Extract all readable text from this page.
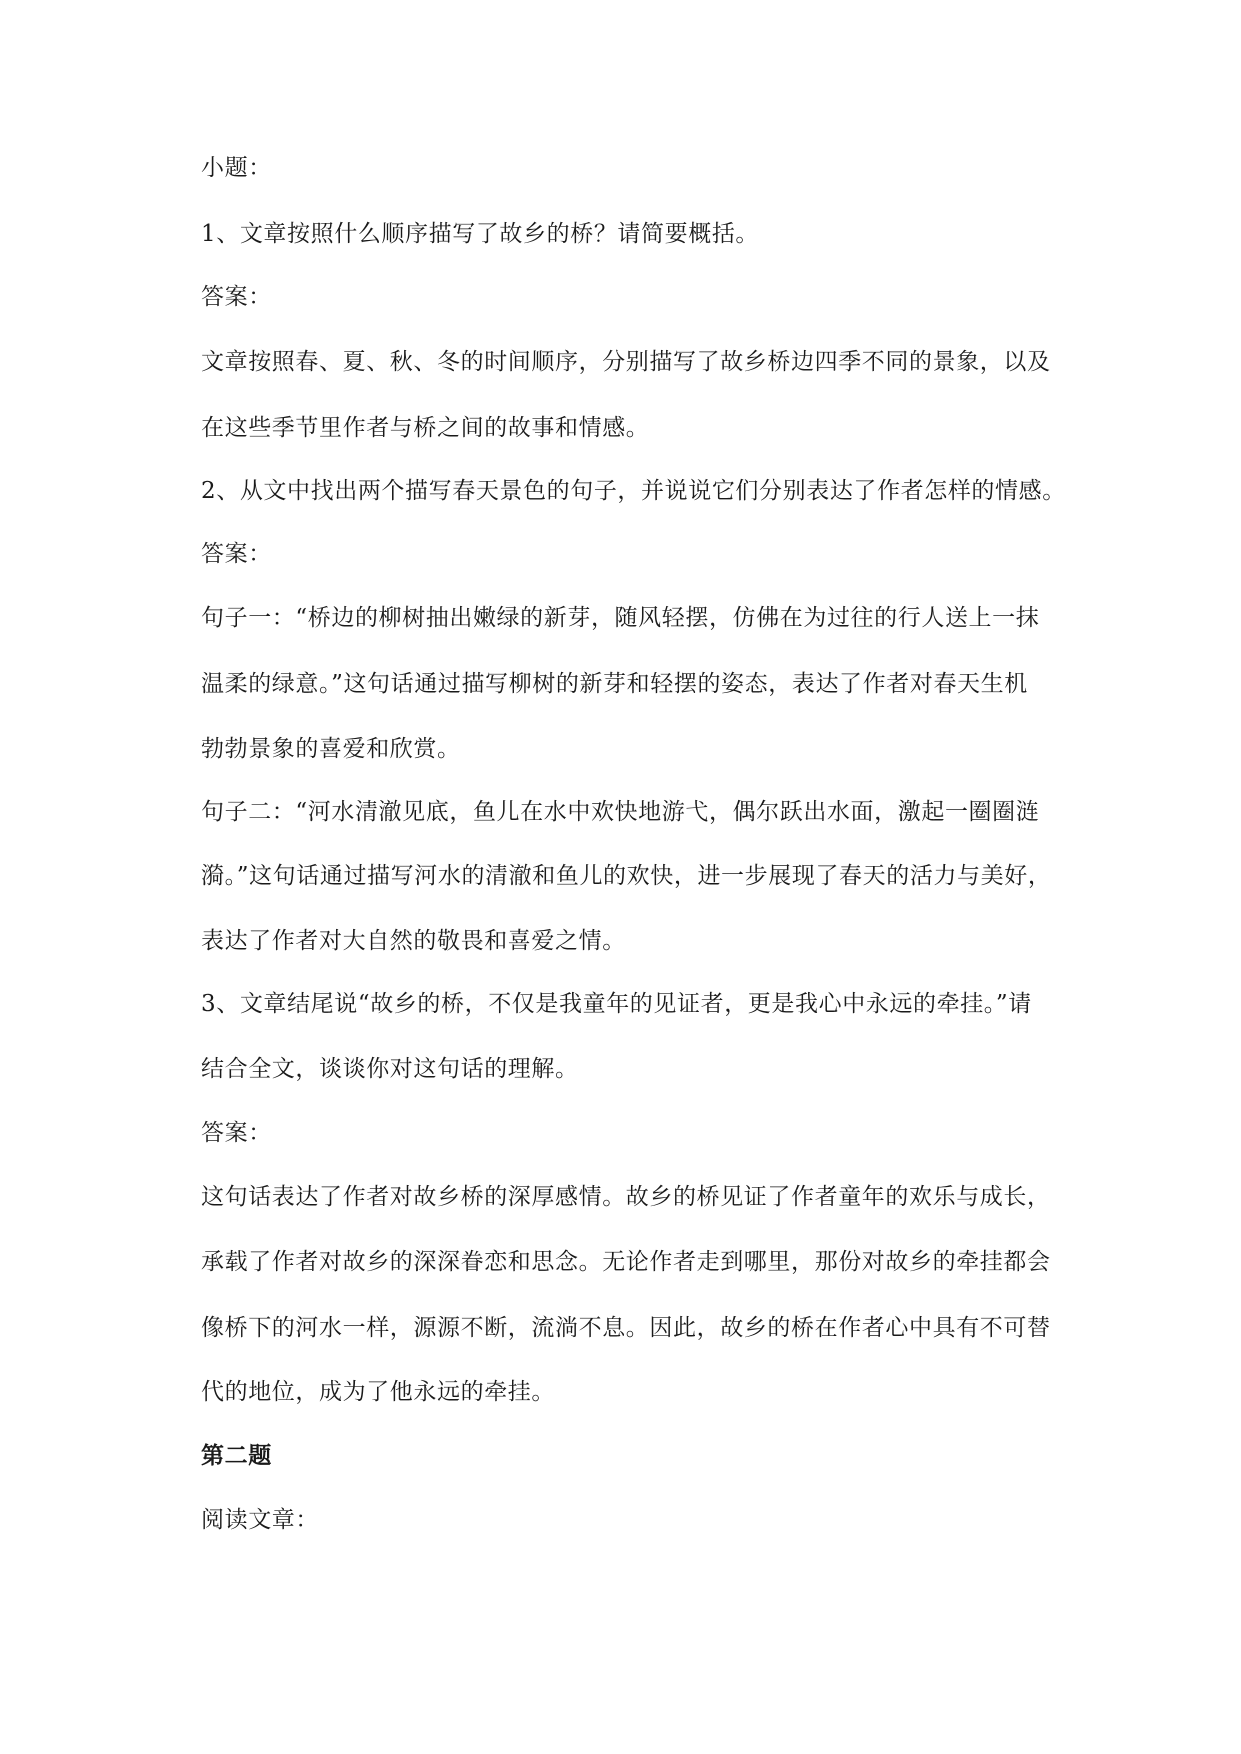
小题：
1、文章按照什么顺序描写了故乡的桥？请简要概括。
答案：
文章按照春、夏、秋、冬的时间顺序，分别描写了故乡桥边四季不同的景象，以及
在这些季节里作者与桥之间的故事和情感。
2、从文中找出两个描写春天景色的句子，并说说它们分别表达了作者怎样的情感。
答案：
句子一：“桥边的柳树抽出嫩绿的新芽，随风轻摆，仿佛在为过往的行人送上一抹
温柔的绿意。”这句话通过描写柳树的新芽和轻摆的姿态，表达了作者对春天生机
勃勃景象的喜爱和欣赏。
句子二：“河水清澈见底，鱼儿在水中欢快地游弋，偶尔跃出水面，激起一圈圈涟
漪。”这句话通过描写河水的清澈和鱼儿的欢快，进一步展现了春天的活力与美好，
表达了作者对大自然的敬畏和喜爱之情。
3、文章结尾说“故乡的桥，不仅是我童年的见证者，更是我心中永远的牵挂。”请
结合全文，谈谈你对这句话的理解。
答案：
这句话表达了作者对故乡桥的深厚感情。故乡的桥见证了作者童年的欢乐与成长，
承载了作者对故乡的深深眷恋和思念。无论作者走到哪里，那份对故乡的牵挂都会
像桥下的河水一样，源源不断，流淌不息。因此，故乡的桥在作者心中具有不可替
代的地位，成为了他永远的牵挂。
第二题
阅读文章：
